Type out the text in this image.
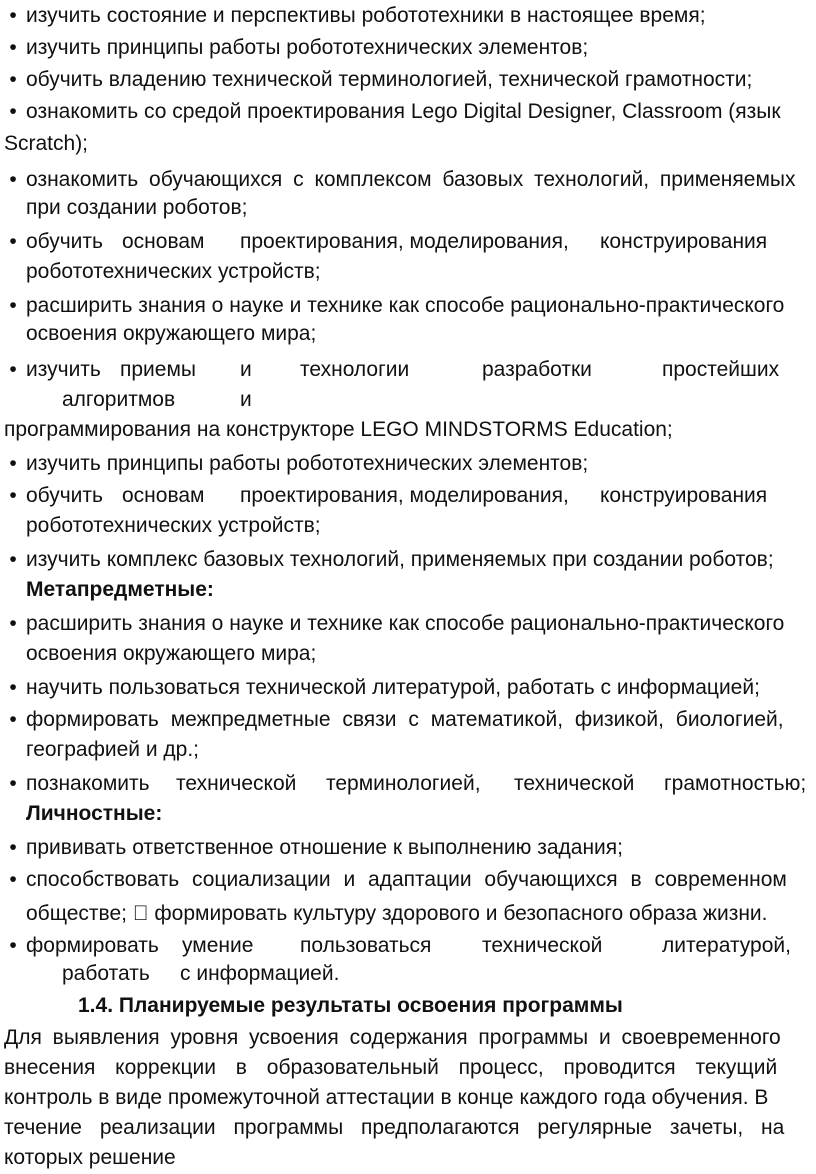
• изучить состояние и перспективы робототехники в настоящее время;
• изучить принципы работы робототехнических элементов;
• обучить владению технической терминологией, технической грамотности;
• ознакомить со средой проектирования Lego Digital Designer, Classroom (язык
Scratch);
• ознакомить обучающихся с комплексом базовых технологий, применяемых
при создании роботов;
• обучить основам проектирования, моделирования, конструирования
робототехнических устройств;
• расширить знания о науке и технике как способе рационально-практического
освоения окружающего мира;
• изучить приемы и технологии	разработки	простейших
алгоритмов	и
программирования на конструкторе LEGO MINDSTORMS Education;
• изучить принципы работы робототехнических элементов;
• обучить основам проектирования, моделирования, конструирования
робототехнических устройств;
• изучить комплекс базовых технологий, применяемых при создании роботов;
Метапредметные:
• расширить знания о науке и технике как способе рационально-практического
освоения окружающего мира;
• научить пользоваться технической литературой, работать с информацией;
• формировать межпредметные связи с математикой, физикой, биологией,
географией и др.;
• познакомить технической терминологией, технической грамотностью;
Личностные:
• прививать ответственное отношение к выполнению задания;
• способствовать социализации и адаптации обучающихся в современном
обществе; формировать культуру здорового и безопасного образа жизни.
• формировать умение пользоваться технической	литературой,
работать с информацией.
1.4. Планируемые результаты освоения программы
Для выявления уровня усвоения содержания программы и своевременного
внесения коррекции в образовательный процесс, проводится текущий
контроль в виде промежуточной аттестации в конце каждого года обучения. В
течение реализации программы предполагаются регулярные зачеты, на
которых решение
